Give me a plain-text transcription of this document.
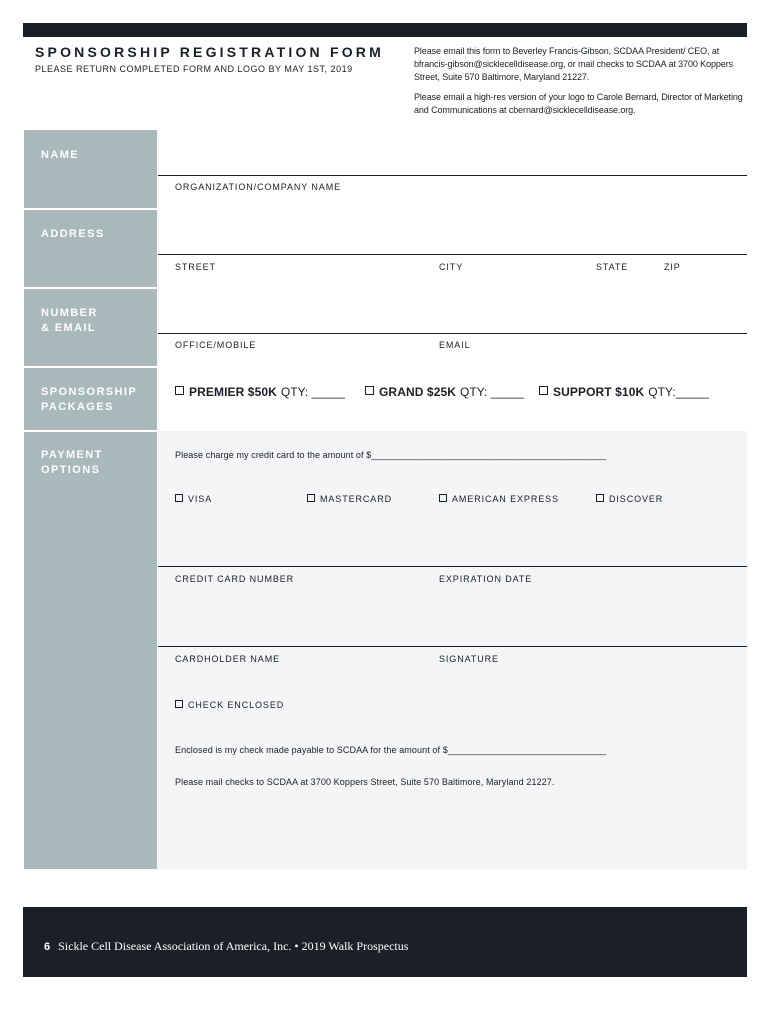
SPONSORSHIP REGISTRATION FORM
PLEASE RETURN COMPLETED FORM AND LOGO BY MAY 1ST, 2019
Please email this form to Beverley Francis-Gibson, SCDAA President/ CEO, at bfrancis-gibson@sicklecelldisease.org, or mail checks to SCDAA at 3700 Koppers Street, Suite 570 Baltimore, Maryland 21227.
Please email a high-res version of your logo to Carole Bernard, Director of Marketing and Communications at cbernard@sicklecelldisease.org.
NAME
ADDRESS
NUMBER
& EMAIL
SPONSORSHIP
PACKAGES
PAYMENT
OPTIONS
ORGANIZATION/COMPANY NAME
STREET	CITY	STATE	ZIP
OFFICE/MOBILE	EMAIL
PREMIER $50K QTY: _____	GRAND $25K QTY: _____	SUPPORT $10K QTY:_____
Please charge my credit card to the amount of $______________________________________________
VISA	MASTERCARD	AMERICAN EXPRESS	DISCOVER
CREDIT CARD NUMBER	EXPIRATION DATE
CARDHOLDER NAME	SIGNATURE
CHECK ENCLOSED
Enclosed is my check made payable to SCDAA for the amount of $_______________________________
Please mail checks to SCDAA at 3700 Koppers Street, Suite 570 Baltimore, Maryland 21227.
6 Sickle Cell Disease Association of America, Inc. • 2019 Walk Prospectus
